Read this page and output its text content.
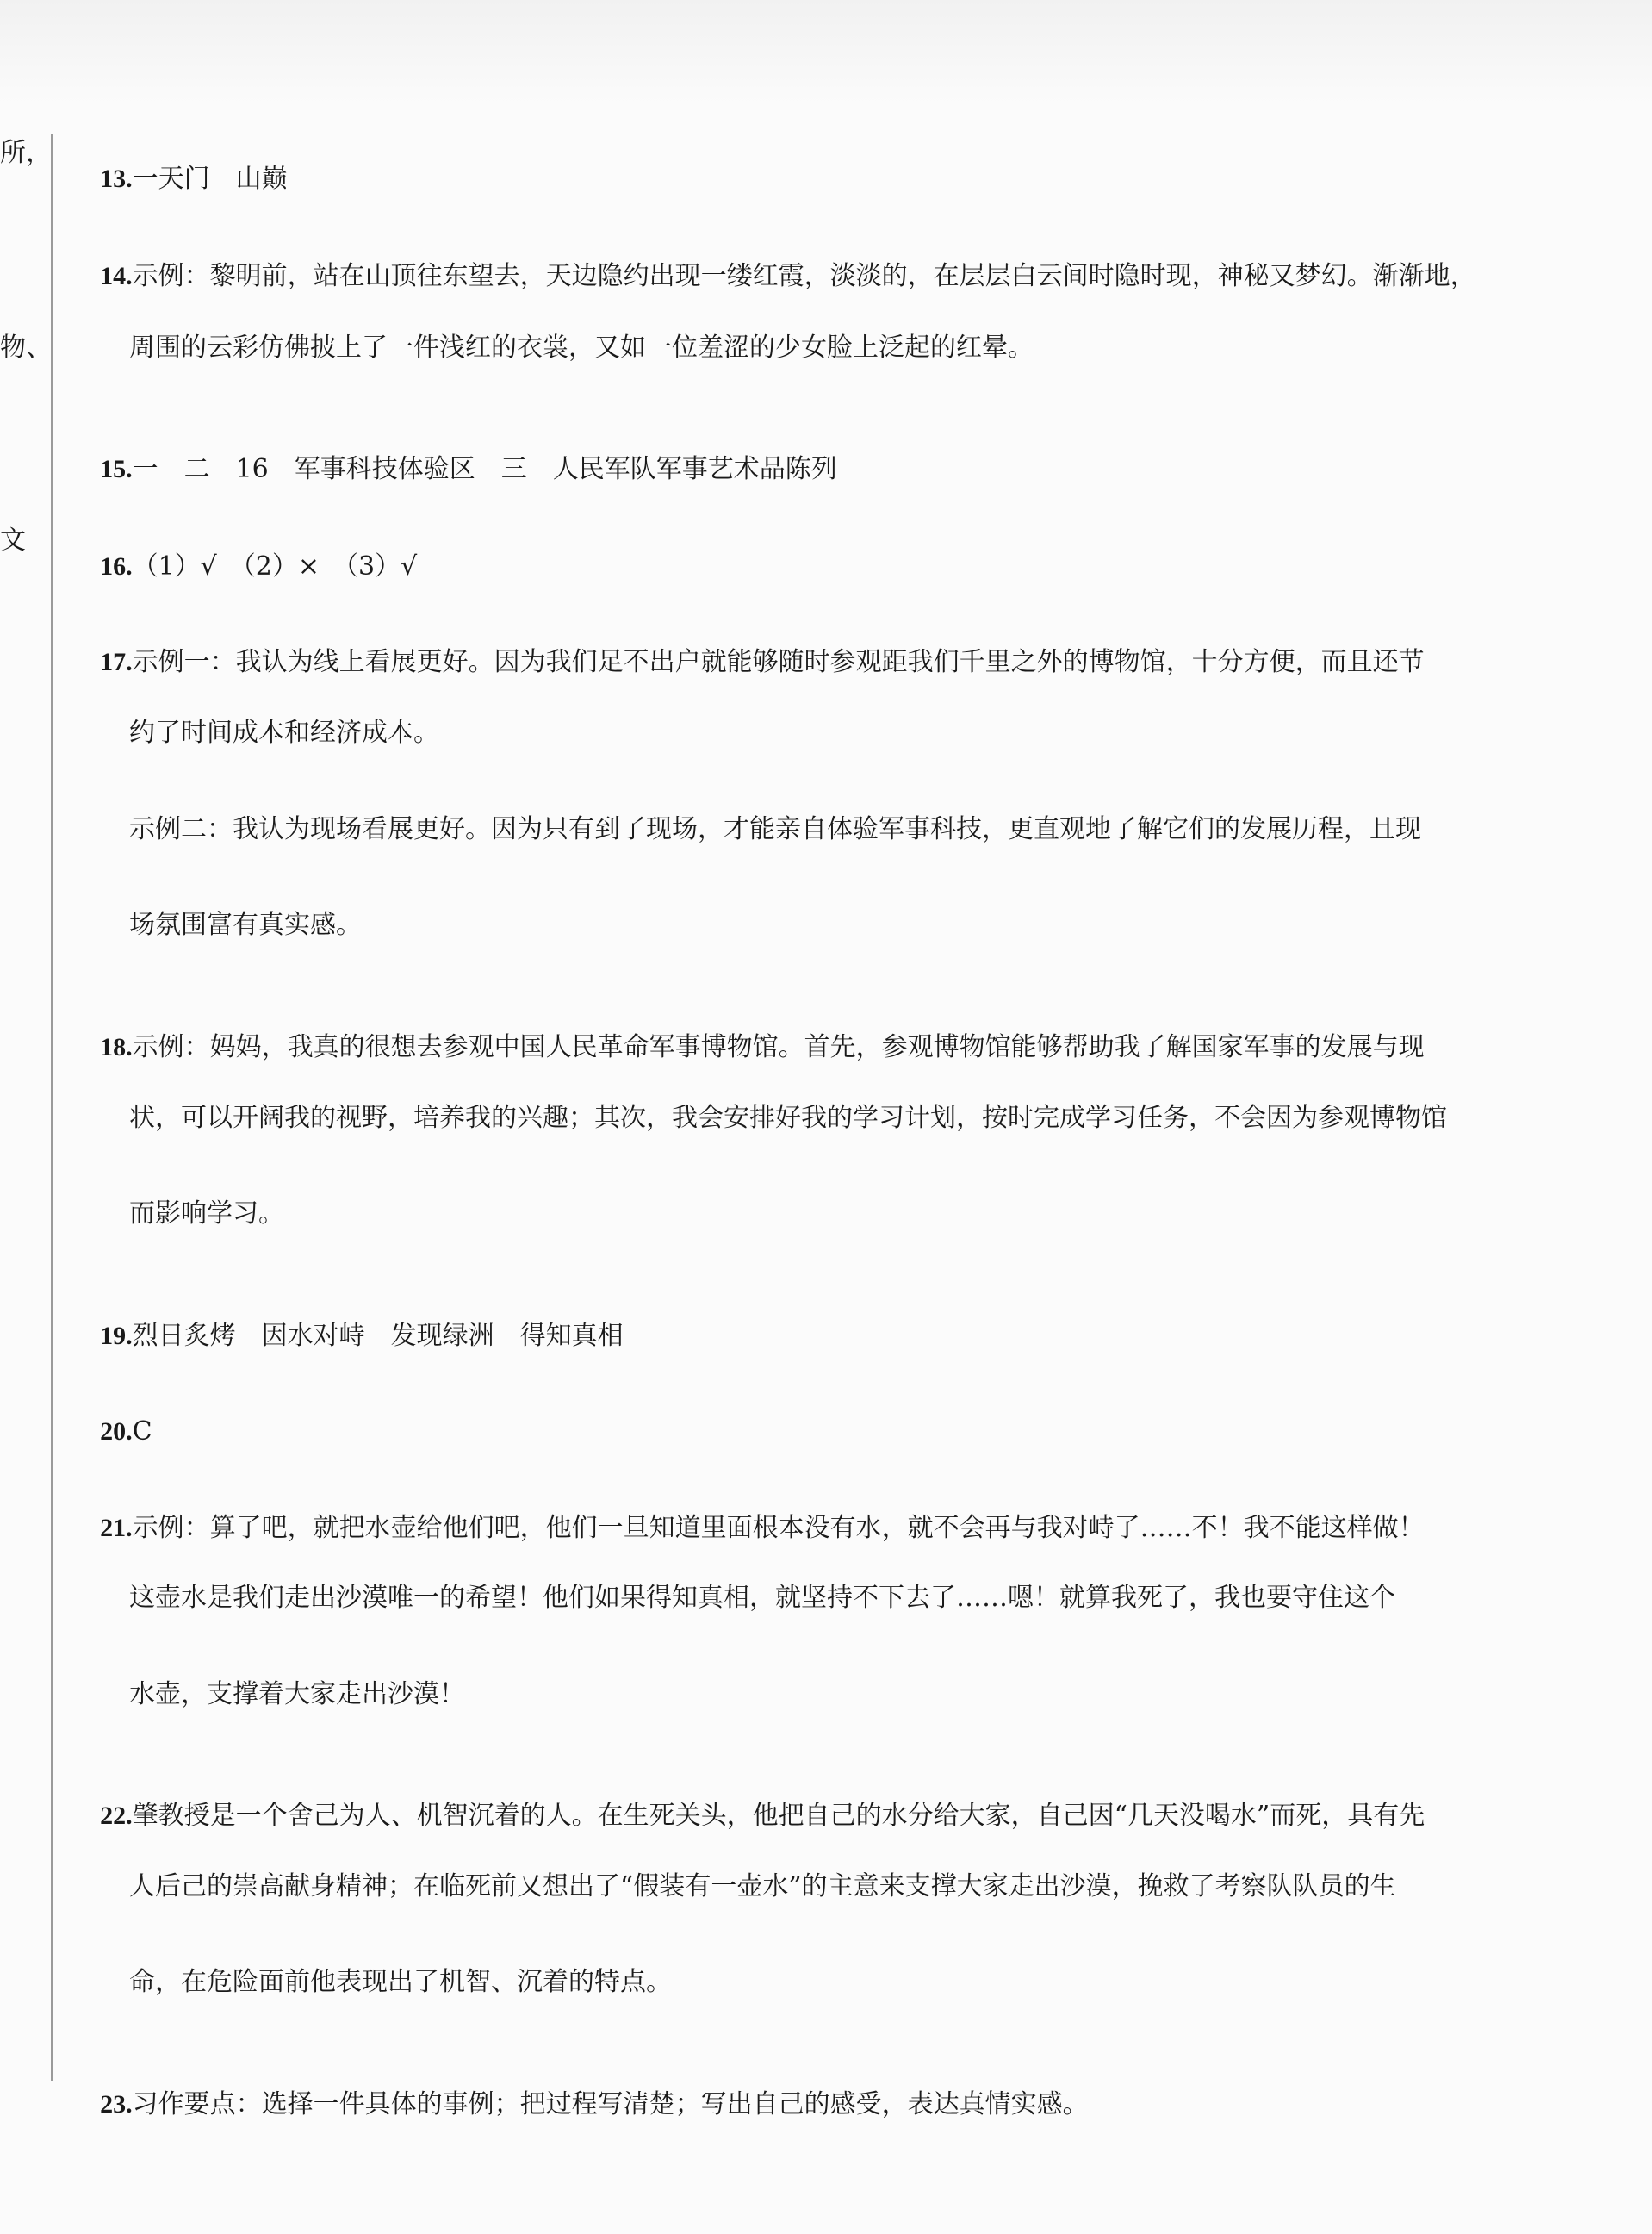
所，
物、
文

13.一天门　山巅

14.示例：黎明前，站在山顶往东望去，天边隐约出现一缕红霞，淡淡的，在层层白云间时隐时现，神秘又梦幻。渐渐地，

周围的云彩仿佛披上了一件浅红的衣裳，又如一位羞涩的少女脸上泛起的红晕。

15.一　二　16　军事科技体验区　三　人民军队军事艺术品陈列

16.（1）√　（2）×　（3）√

17.示例一：我认为线上看展更好。因为我们足不出户就能够随时参观距我们千里之外的博物馆，十分方便，而且还节

约了时间成本和经济成本。
示例二：我认为现场看展更好。因为只有到了现场，才能亲自体验军事科技，更直观地了解它们的发展历程，且现
场氛围富有真实感。

18.示例：妈妈，我真的很想去参观中国人民革命军事博物馆。首先，参观博物馆能够帮助我了解国家军事的发展与现

状，可以开阔我的视野，培养我的兴趣；其次，我会安排好我的学习计划，按时完成学习任务，不会因为参观博物馆
而影响学习。

19.烈日炙烤　因水对峙　发现绿洲　得知真相

20.C

21.示例：算了吧，就把水壶给他们吧，他们一旦知道里面根本没有水，就不会再与我对峙了……不！我不能这样做！

这壶水是我们走出沙漠唯一的希望！他们如果得知真相，就坚持不下去了……嗯！就算我死了，我也要守住这个
水壶，支撑着大家走出沙漠！

22.肇教授是一个舍己为人、机智沉着的人。在生死关头，他把自己的水分给大家，自己因“几天没喝水”而死，具有先

人后己的崇高献身精神；在临死前又想出了“假装有一壶水”的主意来支撑大家走出沙漠，挽救了考察队队员的生
命，在危险面前他表现出了机智、沉着的特点。

23.习作要点：选择一件具体的事例；把过程写清楚；写出自己的感受，表达真情实感。
